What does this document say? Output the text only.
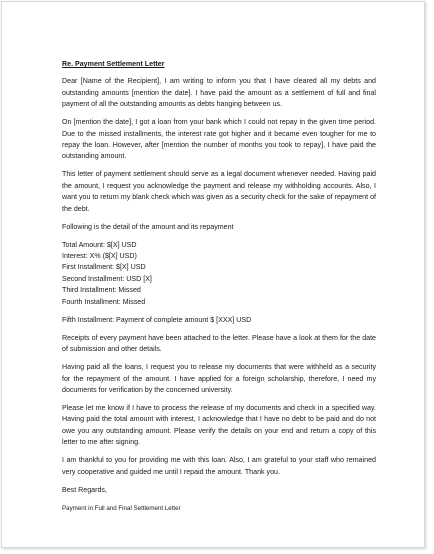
Re. Payment Settlement Letter

Dear [Name of the Recipient], I am writing to inform you that I have cleared all my debts and outstanding amounts [mention the date]. I have paid the amount as a settlement of full and final payment of all the outstanding amounts as debts hanging between us.

On [mention the date], I got a loan from your bank which I could not repay in the given time period. Due to the missed installments, the interest rate got higher and it became even tougher for me to repay the loan. However, after [mention the number of months you took to repay], I have paid the outstanding amount.

This letter of payment settlement should serve as a legal document whenever needed. Having paid the amount, I request you acknowledge the payment and release my withholding accounts. Also, I want you to return my blank check which was given as a security check for the sake of repayment of the debt.

Following is the detail of the amount and its repayment

Total Amount: $[X] USD
Interest: X% ($[X] USD)
First Installment: $[X] USD
Second Installment: USD [X]
Third Installment: Missed
Fourth Installment: Missed

Fifth Installment: Payment of complete amount $ [XXX] USD

Receipts of every payment have been attached to the letter. Please have a look at them for the date of submission and other details.

Having paid all the loans, I request you to release my documents that were withheld as a security for the repayment of the amount. I have applied for a foreign scholarship, therefore, I need my documents for verification by the concerned university.

Please let me know if I have to process the release of my documents and check in a specified way. Having paid the total amount with interest, I acknowledge that I have no debt to be paid and do not owe you any outstanding amount. Please verify the details on your end and return a copy of this letter to me after signing.

I am thankful to you for providing me with this loan. Also, I am grateful to your staff who remained very cooperative and guided me until I repaid the amount. Thank you.

Best Regards,

Payment in Full and Final Settlement Letter
